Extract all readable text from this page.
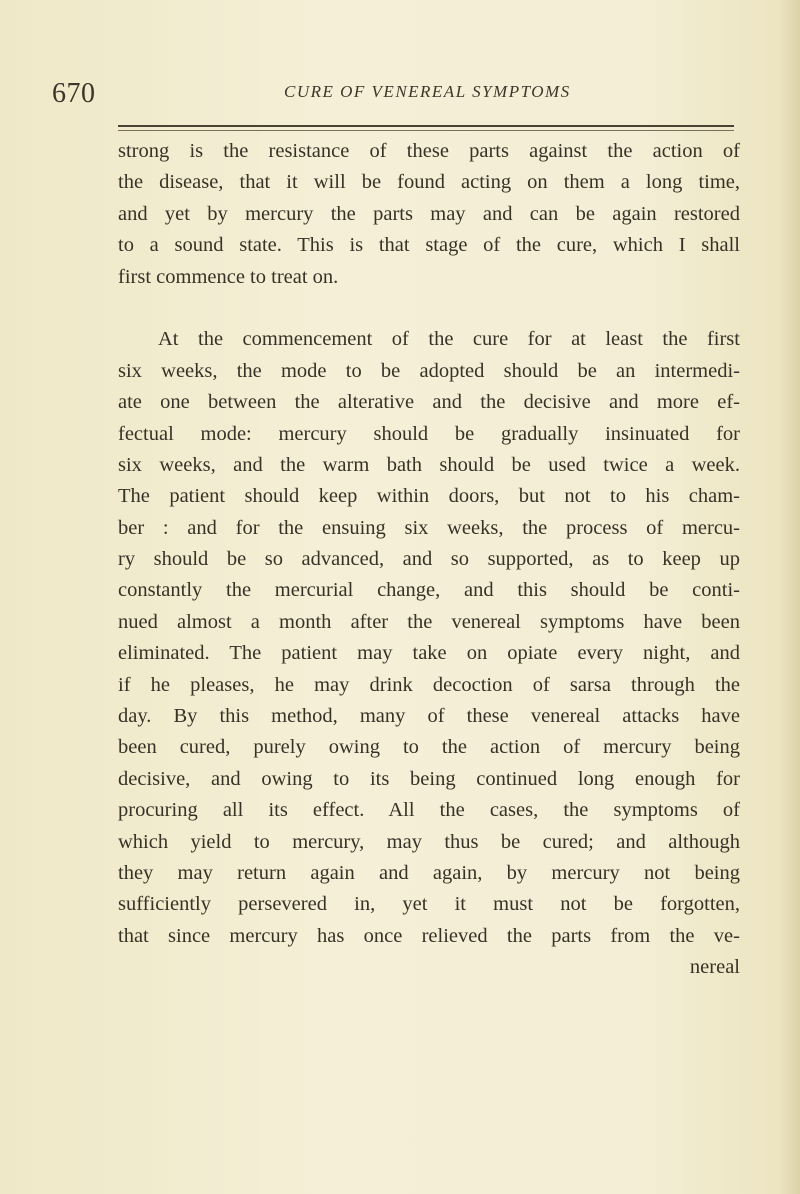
670	CURE OF VENEREAL SYMPTOMS
strong is the resistance of these parts against the action of
the disease, that it will be found acting on them a long time,
and yet by mercury the parts may and can be again restored
to a sound state. This is that stage of the cure, which I shall
first commence to treat on.
At the commencement of the cure for at least the first
six weeks, the mode to be adopted should be an intermedi-
ate one between the alterative and the decisive and more ef-
fectual mode: mercury should be gradually insinuated for
six weeks, and the warm bath should be used twice a week.
The patient should keep within doors, but not to his cham-
ber : and for the ensuing six weeks, the process of mercu-
ry should be so advanced, and so supported, as to keep up
constantly the mercurial change, and this should be conti-
nued almost a month after the venereal symptoms have been
eliminated. The patient may take on opiate every night, and
if he pleases, he may drink decoction of sarsa through the
day. By this method, many of these venereal attacks have
been cured, purely owing to the action of mercury being
decisive, and owing to its being continued long enough for
procuring all its effect. All the cases, the symptoms of
which yield to mercury, may thus be cured; and although
they may return again and again, by mercury not being
sufficiently persevered in, yet it must not be forgotten,
that since mercury has once relieved the parts from the ve-
nereal
